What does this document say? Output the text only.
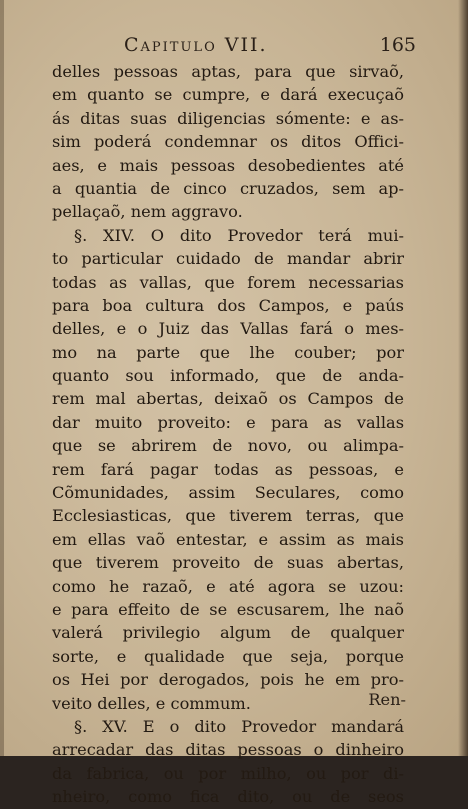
Capitulo VII.	165
delles pessoas aptas, para que sirvaõ,
em quanto se cumpre, e dará execuçaõ
ás ditas suas diligencias sómente: e as-
sim poderá condemnar os ditos Offici-
aes, e mais pessoas desobedientes até
a quantia de cinco cruzados, sem ap-
pellaçaõ, nem aggravo.
§. XIV. O dito Provedor terá mui-
to particular cuidado de mandar abrir
todas as vallas, que forem necessarias
para boa cultura dos Campos, e paús
delles, e o Juiz das Vallas fará o mes-
mo na parte que lhe couber; por
quanto sou informado, que de anda-
rem mal abertas, deixaõ os Campos de
dar muito proveito: e para as vallas
que se abrirem de novo, ou alimpa-
rem fará pagar todas as pessoas, e
Cõmunidades, assim Seculares, como
Ecclesiasticas, que tiverem terras, que
em ellas vaõ entestar, e assim as mais
que tiverem proveito de suas abertas,
como he razaõ, e até agora se uzou:
e para effeito de se escusarem, lhe naõ
valerá privilegio algum de qualquer
sorte, e qualidade que seja, porque
os Hei por derogados, pois he em pro-
veito delles, e commum.
§. XV. E o dito Provedor mandará
arrecadar das ditas pessoas o dinheiro
da fabrica, ou por milho, ou por di-
nheiro, como fica dito, ou de seos
Ren-
